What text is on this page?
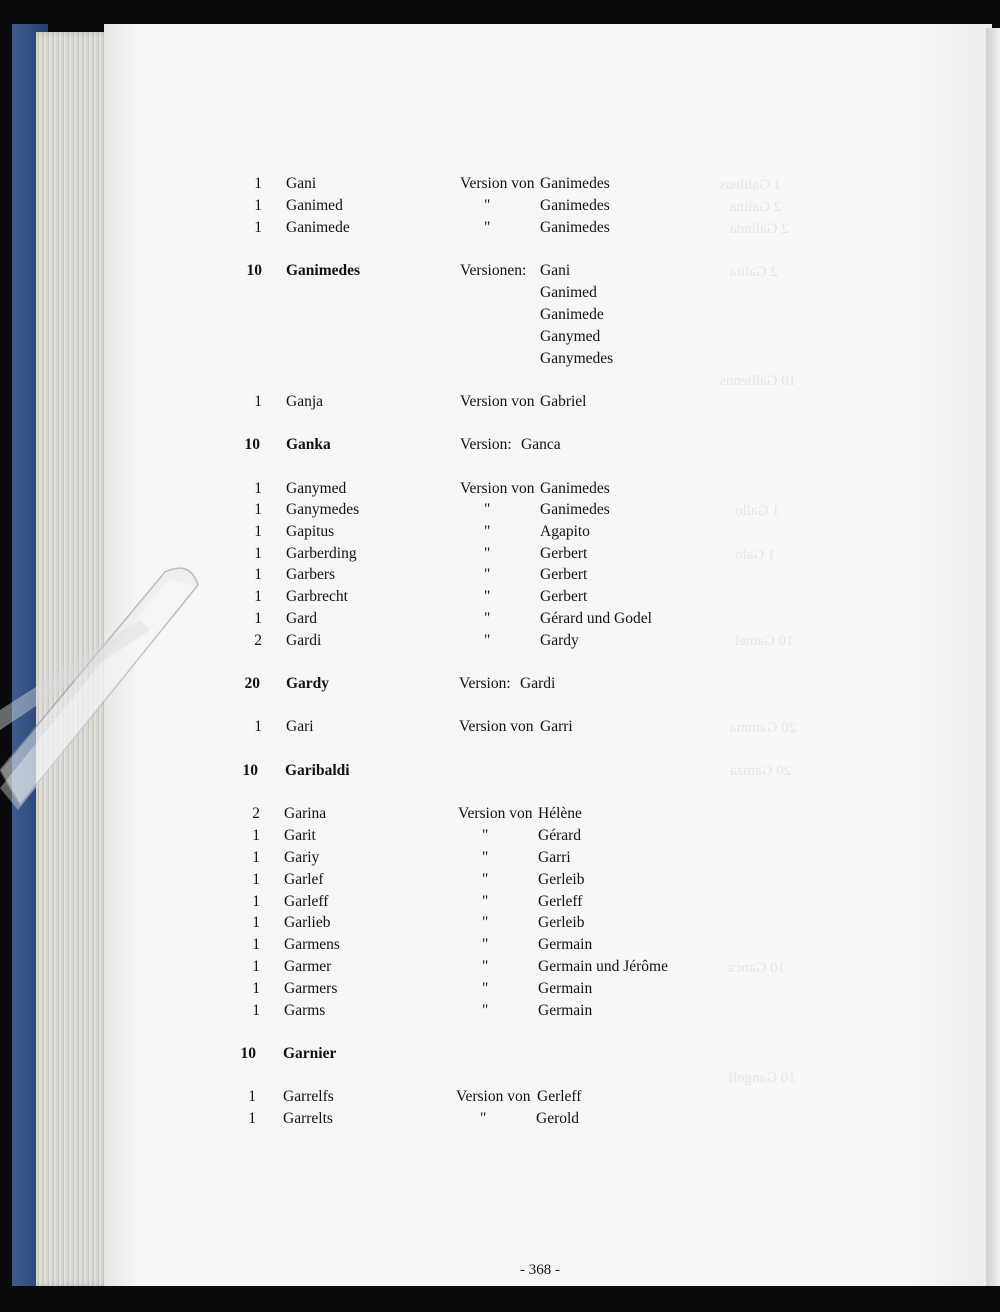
1 Galileus
2 Galina
2 Galinda
2 Galita
10 Gallienus
1 Gallo
1 Galo
10 Gamel
20 Gamma
20 Gamza
10 Ganca
10 Gangolf
1 Gani	Version von Ganimedes
1 Ganimed	"	Ganimedes
1 Ganimede	"	Ganimedes
10 Ganimedes	Versionen: Gani
Ganimed
Ganimede
Ganymed
Ganymedes
1 Ganja	Version von Gabriel
10 Ganka	Version: Ganca
1 Ganymed	Version von Ganimedes
1 Ganymedes	"	Ganimedes
1 Gapitus	"	Agapito
1 Garberding	"	Gerbert
1 Garbers	"	Gerbert
1 Garbrecht	"	Gerbert
1 Gard	"	Gérard und Godel
2 Gardi	"	Gardy
20 Gardy	Version: Gardi
1 Gari	Version von Garri
10 Garibaldi
2 Garina	Version von Hélène
1 Garit	"	Gérard
1 Gariy	"	Garri
1 Garlef	"	Gerleib
1 Garleff	"	Gerleff
1 Garlieb	"	Gerleib
1 Garmens	"	Germain
1 Garmer	"	Germain und Jérôme
1 Garmers	"	Germain
1 Garms	"	Germain
10 Garnier
1 Garrelfs	Version von Gerleff
1 Garrelts	"	Gerold
- 368 -
